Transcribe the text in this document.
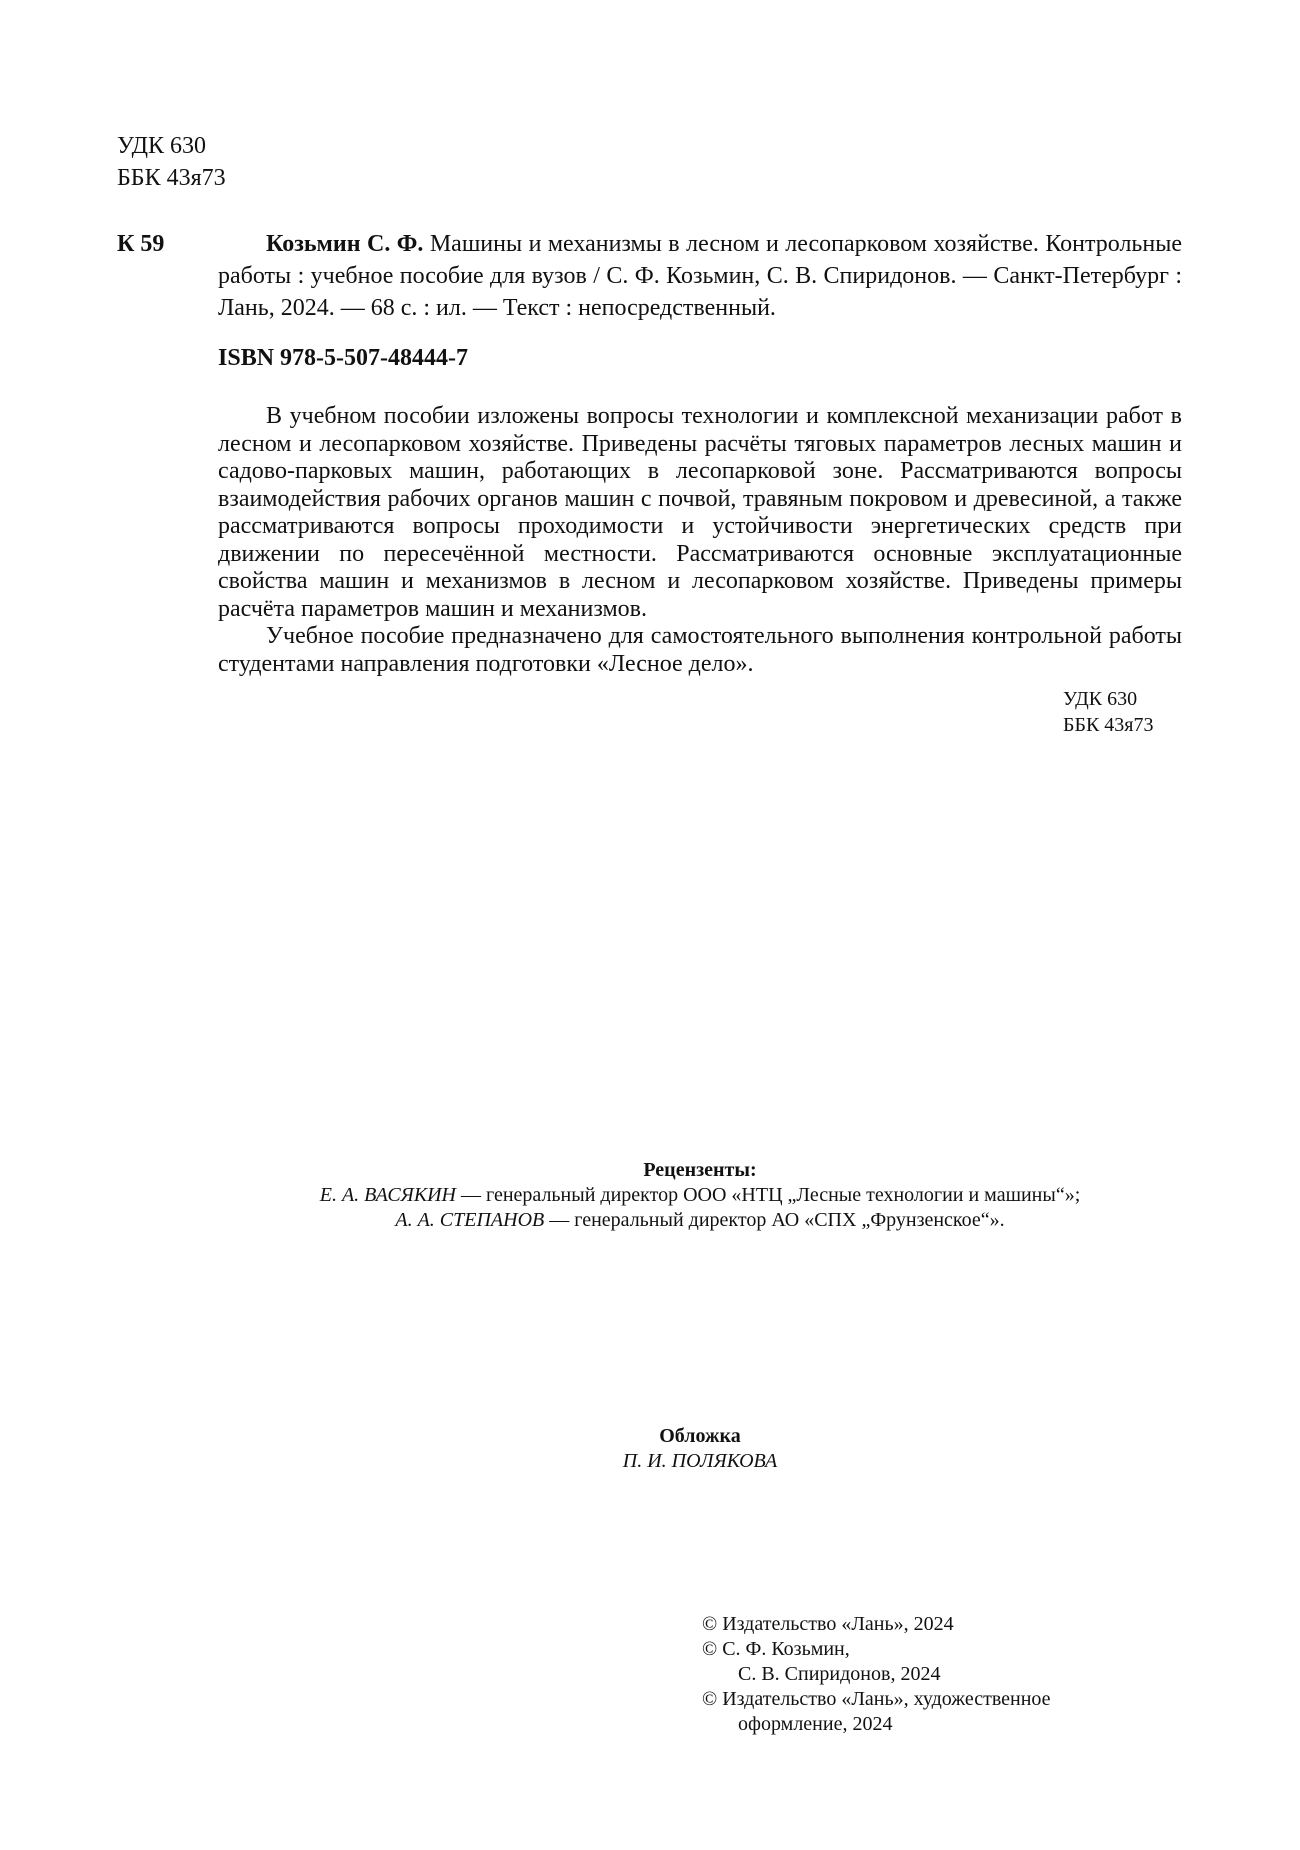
УДК 630
ББК 43я73
К 59	Козьмин С. Ф. Машины и механизмы в лесном и лесопарковом хозяйстве. Контрольные работы : учебное пособие для вузов / С. Ф. Козьмин, С. В. Спиридонов. — Санкт-Петербург : Лань, 2024. — 68 с. : ил. — Текст : непосредственный.
ISBN 978-5-507-48444-7

В учебном пособии изложены вопросы технологии и комплексной механизации работ в лесном и лесопарковом хозяйстве. Приведены расчёты тяговых параметров лесных машин и садово-парковых машин, работающих в лесопарковой зоне. Рассматриваются вопросы взаимодействия рабочих органов машин с почвой, травяным покровом и древесиной, а также рассматриваются вопросы проходимости и устойчивости энергетических средств при движении по пересечённой местности. Рассматриваются основные эксплуатационные свойства машин и механизмов в лесном и лесопарковом хозяйстве. Приведены примеры расчёта параметров машин и механизмов.

Учебное пособие предназначено для самостоятельного выполнения контрольной работы студентами направления подготовки «Лесное дело».

УДК 630
ББК 43я73
Рецензенты:
Е. А. ВАСЯКИН — генеральный директор ООО «НТЦ „Лесные технологии и машины“»;
А. А. СТЕПАНОВ — генеральный директор АО «СПХ „Фрунзенское“».
Обложка
П. И. ПОЛЯКОВА
© Издательство «Лань», 2024
© С. Ф. Козьмин,
С. В. Спиридонов, 2024
© Издательство «Лань», художественное
оформление, 2024
